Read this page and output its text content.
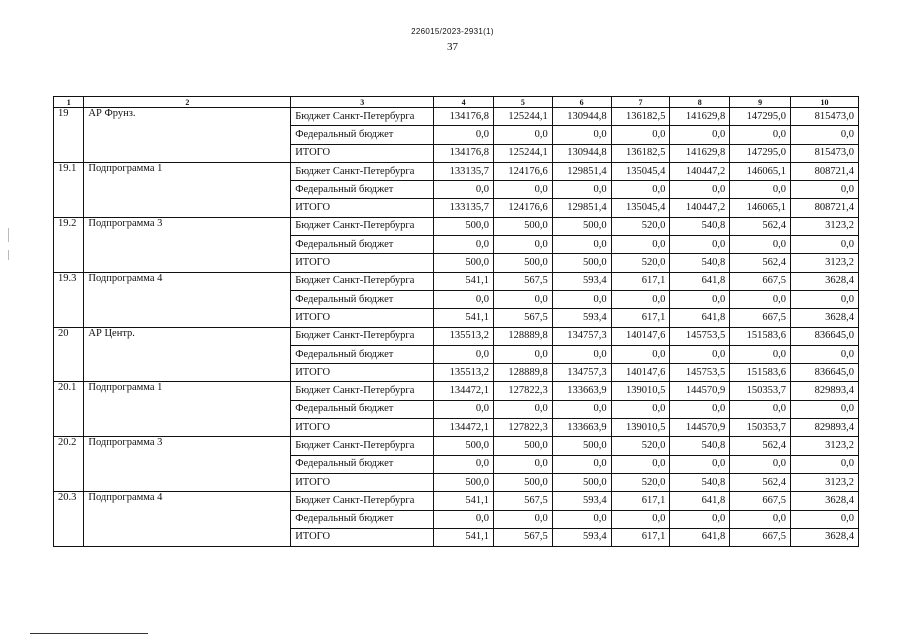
226015/2023-2931(1)
37
1	2	3	4	5	6	7	8	9	10
19	АР Фрунз.	Бюджет Санкт-Петербурга	134176,8	125244,1	130944,8	136182,5	141629,8	147295,0	815473,0
		Федеральный бюджет	0,0	0,0	0,0	0,0	0,0	0,0	0,0
		ИТОГО	134176,8	125244,1	130944,8	136182,5	141629,8	147295,0	815473,0
19.1	Подпрограмма 1	Бюджет Санкт-Петербурга	133135,7	124176,6	129851,4	135045,4	140447,2	146065,1	808721,4
		Федеральный бюджет	0,0	0,0	0,0	0,0	0,0	0,0	0,0
		ИТОГО	133135,7	124176,6	129851,4	135045,4	140447,2	146065,1	808721,4
19.2	Подпрограмма 3	Бюджет Санкт-Петербурга	500,0	500,0	500,0	520,0	540,8	562,4	3123,2
		Федеральный бюджет	0,0	0,0	0,0	0,0	0,0	0,0	0,0
		ИТОГО	500,0	500,0	500,0	520,0	540,8	562,4	3123,2
19.3	Подпрограмма 4	Бюджет Санкт-Петербурга	541,1	567,5	593,4	617,1	641,8	667,5	3628,4
		Федеральный бюджет	0,0	0,0	0,0	0,0	0,0	0,0	0,0
		ИТОГО	541,1	567,5	593,4	617,1	641,8	667,5	3628,4
20	АР Центр.	Бюджет Санкт-Петербурга	135513,2	128889,8	134757,3	140147,6	145753,5	151583,6	836645,0
		Федеральный бюджет	0,0	0,0	0,0	0,0	0,0	0,0	0,0
		ИТОГО	135513,2	128889,8	134757,3	140147,6	145753,5	151583,6	836645,0
20.1	Подпрограмма 1	Бюджет Санкт-Петербурга	134472,1	127822,3	133663,9	139010,5	144570,9	150353,7	829893,4
		Федеральный бюджет	0,0	0,0	0,0	0,0	0,0	0,0	0,0
		ИТОГО	134472,1	127822,3	133663,9	139010,5	144570,9	150353,7	829893,4
20.2	Подпрограмма 3	Бюджет Санкт-Петербурга	500,0	500,0	500,0	520,0	540,8	562,4	3123,2
		Федеральный бюджет	0,0	0,0	0,0	0,0	0,0	0,0	0,0
		ИТОГО	500,0	500,0	500,0	520,0	540,8	562,4	3123,2
20.3	Подпрограмма 4	Бюджет Санкт-Петербурга	541,1	567,5	593,4	617,1	641,8	667,5	3628,4
		Федеральный бюджет	0,0	0,0	0,0	0,0	0,0	0,0	0,0
		ИТОГО	541,1	567,5	593,4	617,1	641,8	667,5	3628,4
